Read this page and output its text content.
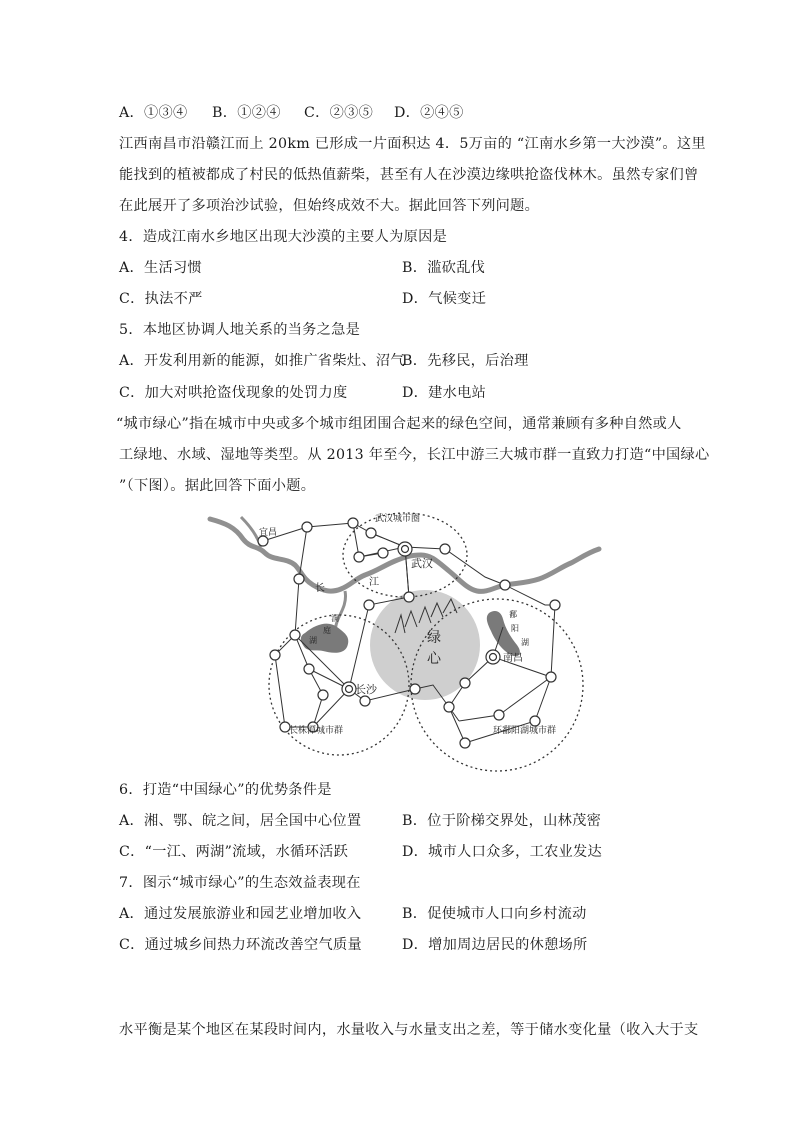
A．①③④ B．①②④ C．②③⑤ D．②④⑤
江西南昌市沿赣江而上 20km 已形成一片面积达 4．5万亩的 “江南水乡第一大沙漠”。这里
能找到的植被都成了村民的低热值薪柴，甚至有人在沙漠边缘哄抢盗伐林木。虽然专家们曾
在此展开了多项治沙试验，但始终成效不大。据此回答下列问题。
4．造成江南水乡地区出现大沙漠的主要人为原因是
A．生活习惯	B．滥砍乱伐
C．执法不严	D．气候变迁
5．本地区协调人地关系的当务之急是
A．开发利用新的能源，如推广省柴灶、沼气
B．先移民，后治理
C．加大对哄抢盗伐现象的处罚力度	D．建水电站
“城市绿心”指在城市中央或多个城市组团围合起来的绿色空间，通常兼顾有多种自然或人
工绿地、水域、湿地等类型。从 2013 年至今，长江中游三大城市群一直致力打造“中国绿心
”（下图）。据此回答下面小题。
宜昌
武汉城市圈
武汉
长沙
南昌
长株潭城市群	环鄱阳湖城市群
绿
心
长
江
洞
庭
湖
鄱
阳
湖
6．打造“中国绿心”的优势条件是
A．湘、鄂、皖之间，居全国中心位置	B．位于阶梯交界处，山林茂密
C．“一江、两湖”流域，水循环活跃	D．城市人口众多，工农业发达
7．图示“城市绿心”的生态效益表现在
A．通过发展旅游业和园艺业增加收入	B．促使城市人口向乡村流动
C．通过城乡间热力环流改善空气质量	D．增加周边居民的休憩场所
水平衡是某个地区在某段时间内，水量收入与水量支出之差，等于储水变化量（收入大于支
